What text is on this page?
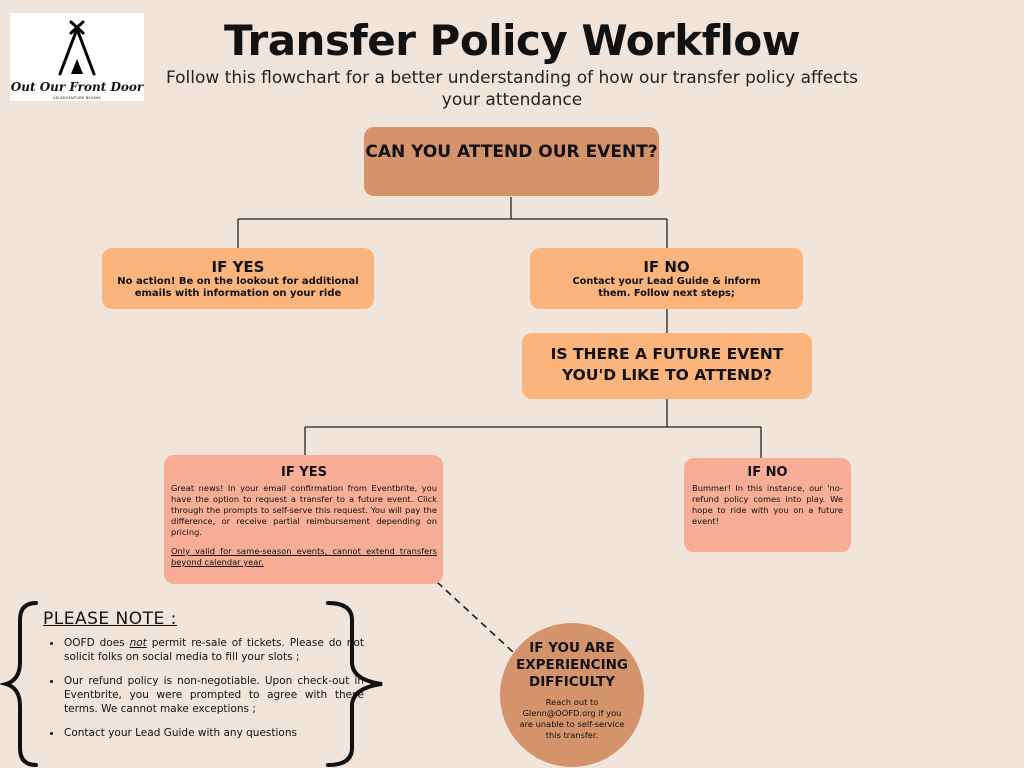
Out Our Front Door
AN ADVENTURE BEGINS
Transfer Policy Workflow
Follow this flowchart for a better understanding of how our transfer policy affects your attendance
CAN YOU ATTEND OUR EVENT?
IF YES
No action! Be on the lookout for additional emails with information on your ride
IF NO
Contact your Lead Guide & inform them. Follow next steps;
IS THERE A FUTURE EVENT YOU'D LIKE TO ATTEND?
IF YES

Great news! In your email confirmation from Eventbrite, you have the option to request a transfer to a future event. Click through the prompts to self-serve this request. You will pay the difference, or receive partial reimbursement depending on pricing.

Only valid for same-season events, cannot extend transfers beyond calendar year.

IF NO

Bummer! In this instance, our 'no-refund policy comes into play. We hope to ride with you on a future event!

IF YOU ARE EXPERIENCING DIFFICULTY

Reach out to Glenn@OOFD.org if you are unable to self-service this transfer.

PLEASE NOTE :
• OOFD does not permit re-sale of tickets. Please do not solicit folks on social media to fill your slots ;
• Our refund policy is non-negotiable. Upon check-out in Eventbrite, you were prompted to agree with these terms. We cannot make exceptions ;
• Contact your Lead Guide with any questions
